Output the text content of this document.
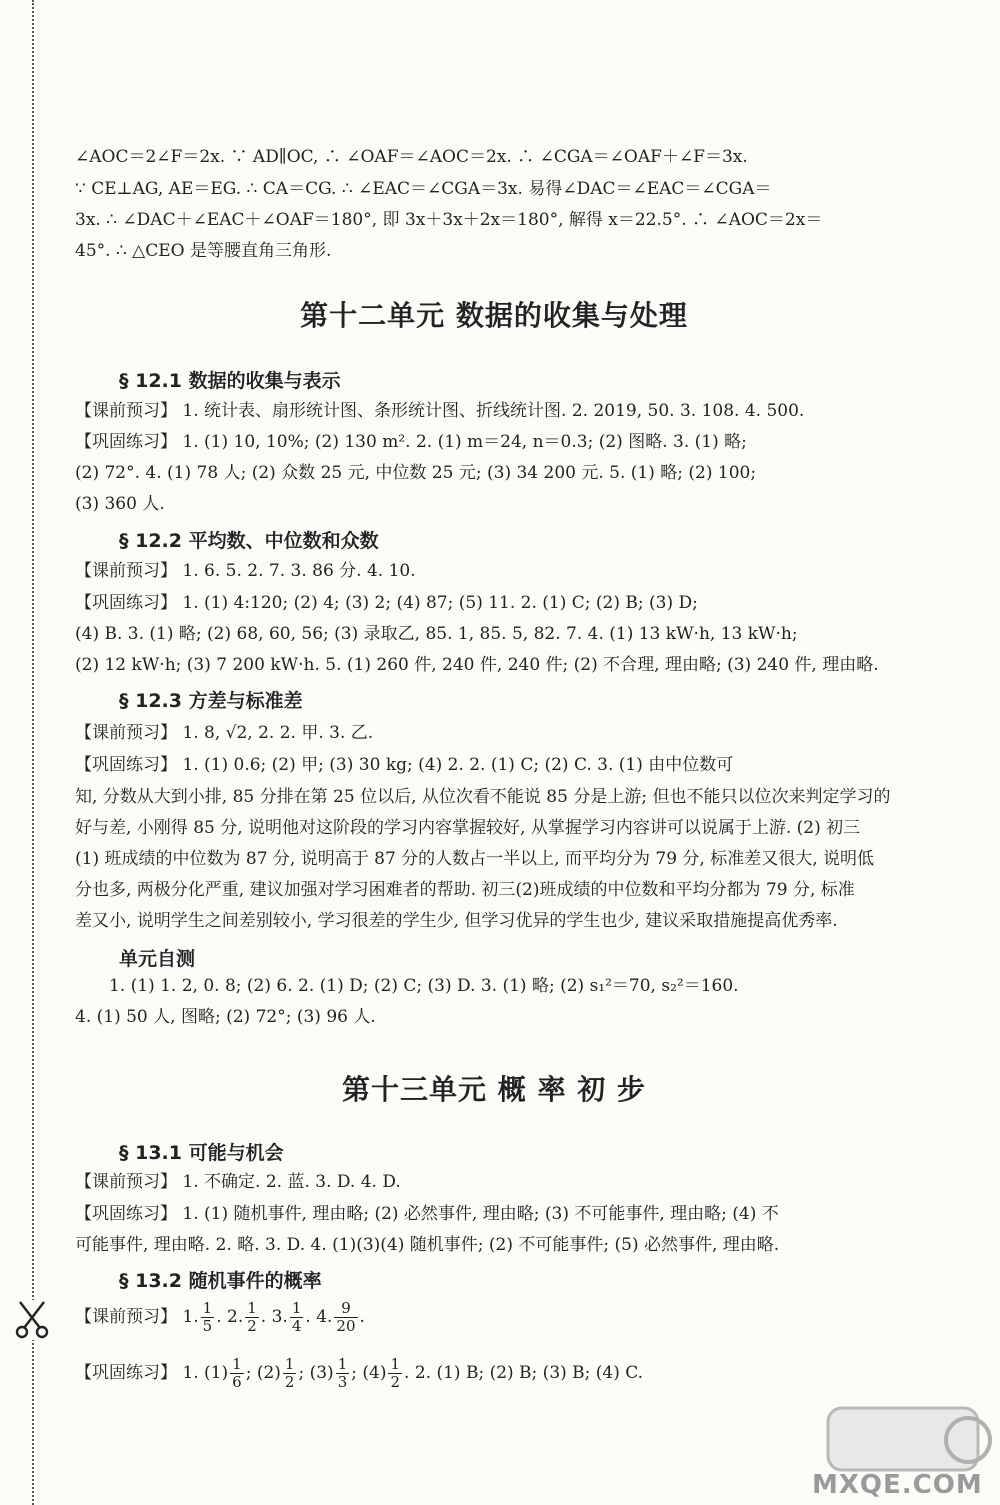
∠AOC＝2∠F＝2x. ∵ AD∥OC, ∴ ∠OAF＝∠AOC＝2x. ∴ ∠CGA＝∠OAF＋∠F＝3x.
∵ CE⊥AG, AE＝EG. ∴ CA＝CG. ∴ ∠EAC＝∠CGA＝3x. 易得∠DAC＝∠EAC＝∠CGA＝
3x. ∴ ∠DAC＋∠EAC＋∠OAF＝180°, 即 3x＋3x＋2x＝180°, 解得 x＝22.5°. ∴ ∠AOC＝2x＝
45°. ∴ △CEO 是等腰直角三角形.
第十二单元 数据的收集与处理
§ 12.1 数据的收集与表示
【课前预习】 1. 统计表、扇形统计图、条形统计图、折线统计图. 2. 2019, 50. 3. 108. 4. 500.
【巩固练习】 1. (1) 10, 10%; (2) 130 m². 2. (1) m＝24, n＝0.3; (2) 图略. 3. (1) 略;
(2) 72°. 4. (1) 78 人; (2) 众数 25 元, 中位数 25 元; (3) 34 200 元. 5. (1) 略; (2) 100;
(3) 360 人.
§ 12.2 平均数、中位数和众数
【课前预习】 1. 6. 5. 2. 7. 3. 86 分. 4. 10.
【巩固练习】 1. (1) 4:120; (2) 4; (3) 2; (4) 87; (5) 11. 2. (1) C; (2) B; (3) D;
(4) B. 3. (1) 略; (2) 68, 60, 56; (3) 录取乙, 85. 1, 85. 5, 82. 7. 4. (1) 13 kW·h, 13 kW·h;
(2) 12 kW·h; (3) 7 200 kW·h. 5. (1) 260 件, 240 件, 240 件; (2) 不合理, 理由略; (3) 240 件, 理由略.
§ 12.3 方差与标准差
【课前预习】 1. 8, √2, 2. 2. 甲. 3. 乙.
【巩固练习】 1. (1) 0.6; (2) 甲; (3) 30 kg; (4) 2. 2. (1) C; (2) C. 3. (1) 由中位数可
知, 分数从大到小排, 85 分排在第 25 位以后, 从位次看不能说 85 分是上游; 但也不能只以位次来判定学习的
好与差, 小刚得 85 分, 说明他对这阶段的学习内容掌握较好, 从掌握学习内容讲可以说属于上游. (2) 初三
(1) 班成绩的中位数为 87 分, 说明高于 87 分的人数占一半以上, 而平均分为 79 分, 标准差又很大, 说明低
分也多, 两极分化严重, 建议加强对学习困难者的帮助. 初三(2)班成绩的中位数和平均分都为 79 分, 标准
差又小, 说明学生之间差别较小, 学习很差的学生少, 但学习优异的学生也少, 建议采取措施提高优秀率.
单元自测
1. (1) 1. 2, 0. 8; (2) 6. 2. (1) D; (2) C; (3) D. 3. (1) 略; (2) s₁²＝70, s₂²＝160.
4. (1) 50 人, 图略; (2) 72°; (3) 96 人.
第十三单元 概 率 初 步
§ 13.1 可能与机会
【课前预习】 1. 不确定. 2. 蓝. 3. D. 4. D.
【巩固练习】 1. (1) 随机事件, 理由略; (2) 必然事件, 理由略; (3) 不可能事件, 理由略; (4) 不
可能事件, 理由略. 2. 略. 3. D. 4. (1)(3)(4) 随机事件; (2) 不可能事件; (5) 必然事件, 理由略.
§ 13.2 随机事件的概率
【课前预习】 1. $\frac{1}{5}$ . 2. $\frac{1}{2}$ . 3. $\frac{1}{4}$ . 4. $\frac{9}{20}$ .
【巩固练习】 1. $(1) \frac{1}{6}$ ; $(2) \frac{1}{2}$ ; $(3) \frac{1}{3}$ ; $(4) \frac{1}{2}$ . 2. (1) B; (2) B; (3) B; (4) C.
MXQE.COM
